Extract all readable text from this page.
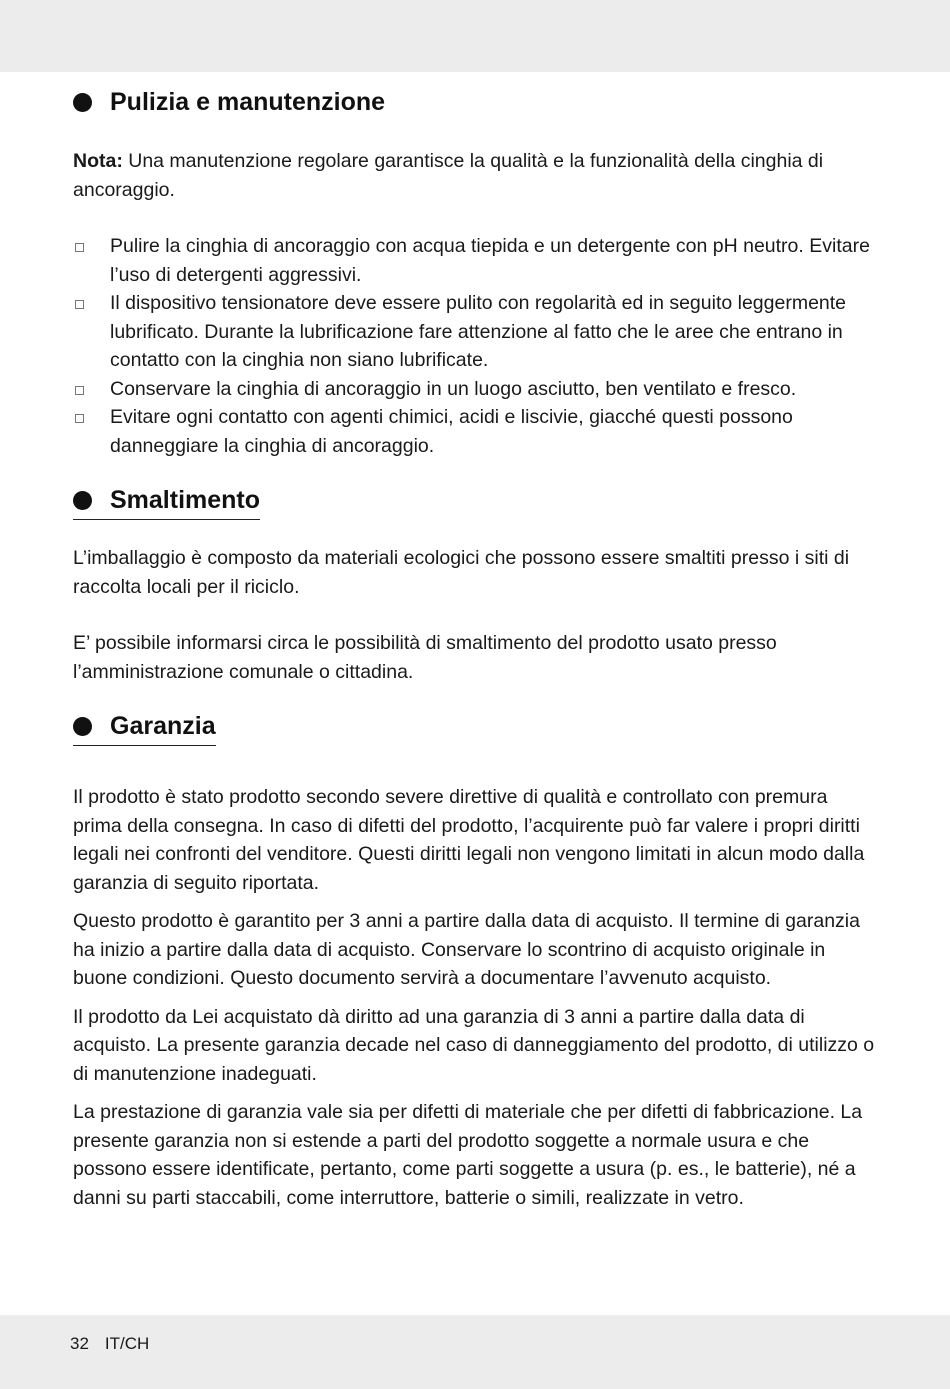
Pulizia e manutenzione

Nota: Una manutenzione regolare garantisce la qualità e la funzionalità della cinghia di ancoraggio.

Pulire la cinghia di ancoraggio con acqua tiepida e un detergente con pH neutro. Evitare l’uso di detergenti aggressivi.
Il dispositivo tensionatore deve essere pulito con regolarità ed in seguito leggermente lubrificato. Durante la lubrificazione fare attenzione al fatto che le aree che entrano in contatto con la cinghia non siano lubrificate.
Conservare la cinghia di ancoraggio in un luogo asciutto, ben ventilato e fresco.
Evitare ogni contatto con agenti chimici, acidi e liscivie, giacché questi possono danneggiare la cinghia di ancoraggio.
Smaltimento

L’imballaggio è composto da materiali ecologici che possono essere smaltiti presso i siti di raccolta locali per il riciclo.

E’ possibile informarsi circa le possibilità di smaltimento del prodotto usato presso l’amministrazione comunale o cittadina.

Garanzia

Il prodotto è stato prodotto secondo severe direttive di qualità e controllato con premura prima della consegna. In caso di difetti del prodotto, l’acquirente può far valere i propri diritti legali nei confronti del venditore. Questi diritti legali non vengono limitati in alcun modo dalla garanzia di seguito riportata.

Questo prodotto è garantito per 3 anni a partire dalla data di acquisto. Il termine di garanzia ha inizio a partire dalla data di acquisto. Conservare lo scontrino di acquisto originale in buone condizioni. Questo documento servirà a documentare l’avvenuto acquisto.

Il prodotto da Lei acquistato dà diritto ad una garanzia di 3 anni a partire dalla data di acquisto. La presente garanzia decade nel caso di danneggiamento del prodotto, di utilizzo o di manutenzione inadeguati.

La prestazione di garanzia vale sia per difetti di materiale che per difetti di fabbricazione. La presente garanzia non si estende a parti del prodotto soggette a normale usura e che possono essere identificate, pertanto, come parti soggette a usura (p. es., le batterie), né a danni su parti staccabili, come interruttore, batterie o simili, realizzate in vetro.

32 IT/CH
